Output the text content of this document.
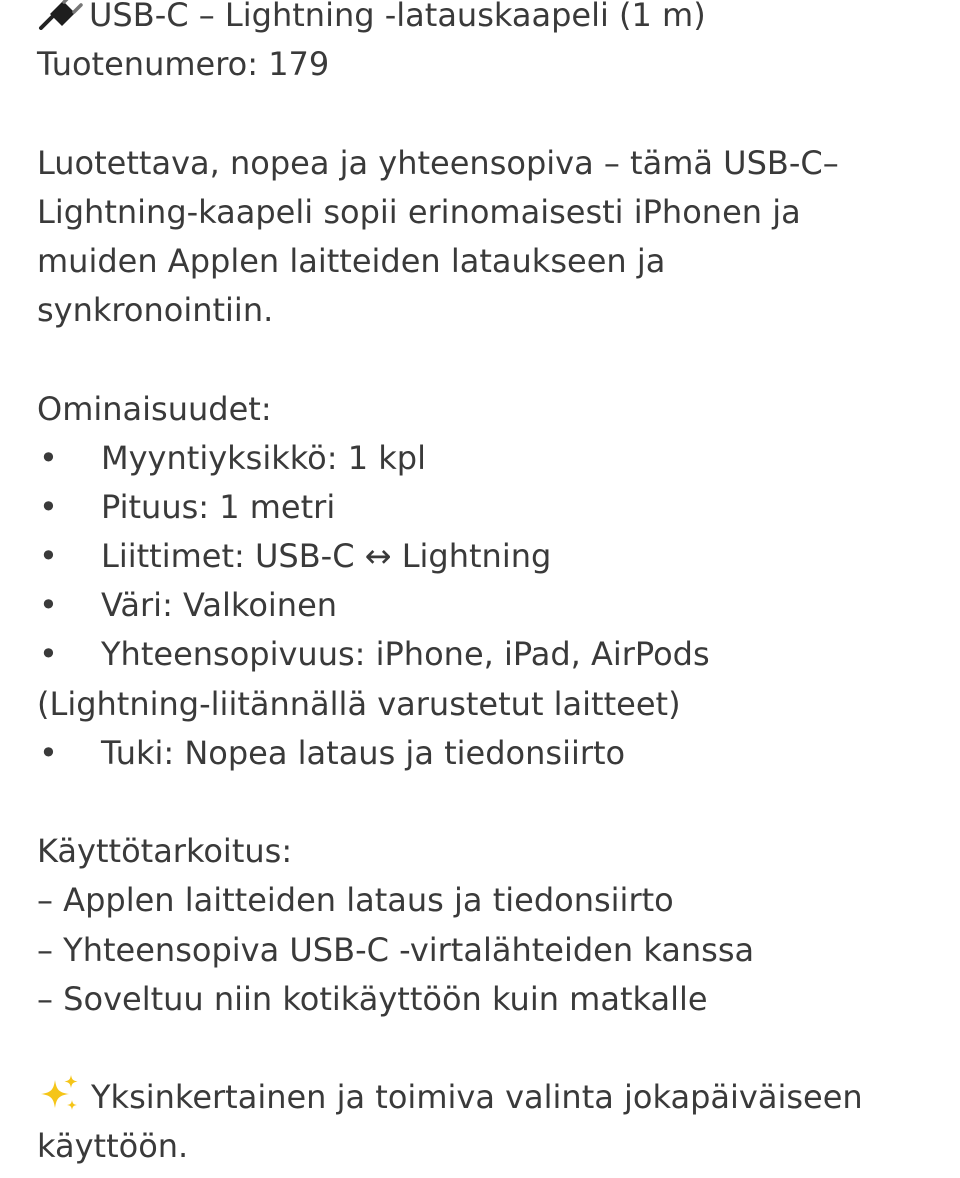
USB-C – Lightning -latauskaapeli (1 m)
Tuotenumero: 179
Luotettava, nopea ja yhteensopiva – tämä USB-C–
Lightning-kaapeli sopii erinomaisesti iPhonen ja
muiden Applen laitteiden lataukseen ja
synkronointiin.
Ominaisuudet:
• Myyntiyksikkö: 1 kpl
• Pituus: 1 metri
• Liittimet: USB-C ↔ Lightning
• Väri: Valkoinen
• Yhteensopivuus: iPhone, iPad, AirPods
(Lightning-liitännällä varustetut laitteet)
• Tuki: Nopea lataus ja tiedonsiirto
Käyttötarkoitus:
– Applen laitteiden lataus ja tiedonsiirto
– Yhteensopiva USB-C -virtalähteiden kanssa
– Soveltuu niin kotikäyttöön kuin matkalle
Yksinkertainen ja toimiva valinta jokapäiväiseen
käyttöön.
